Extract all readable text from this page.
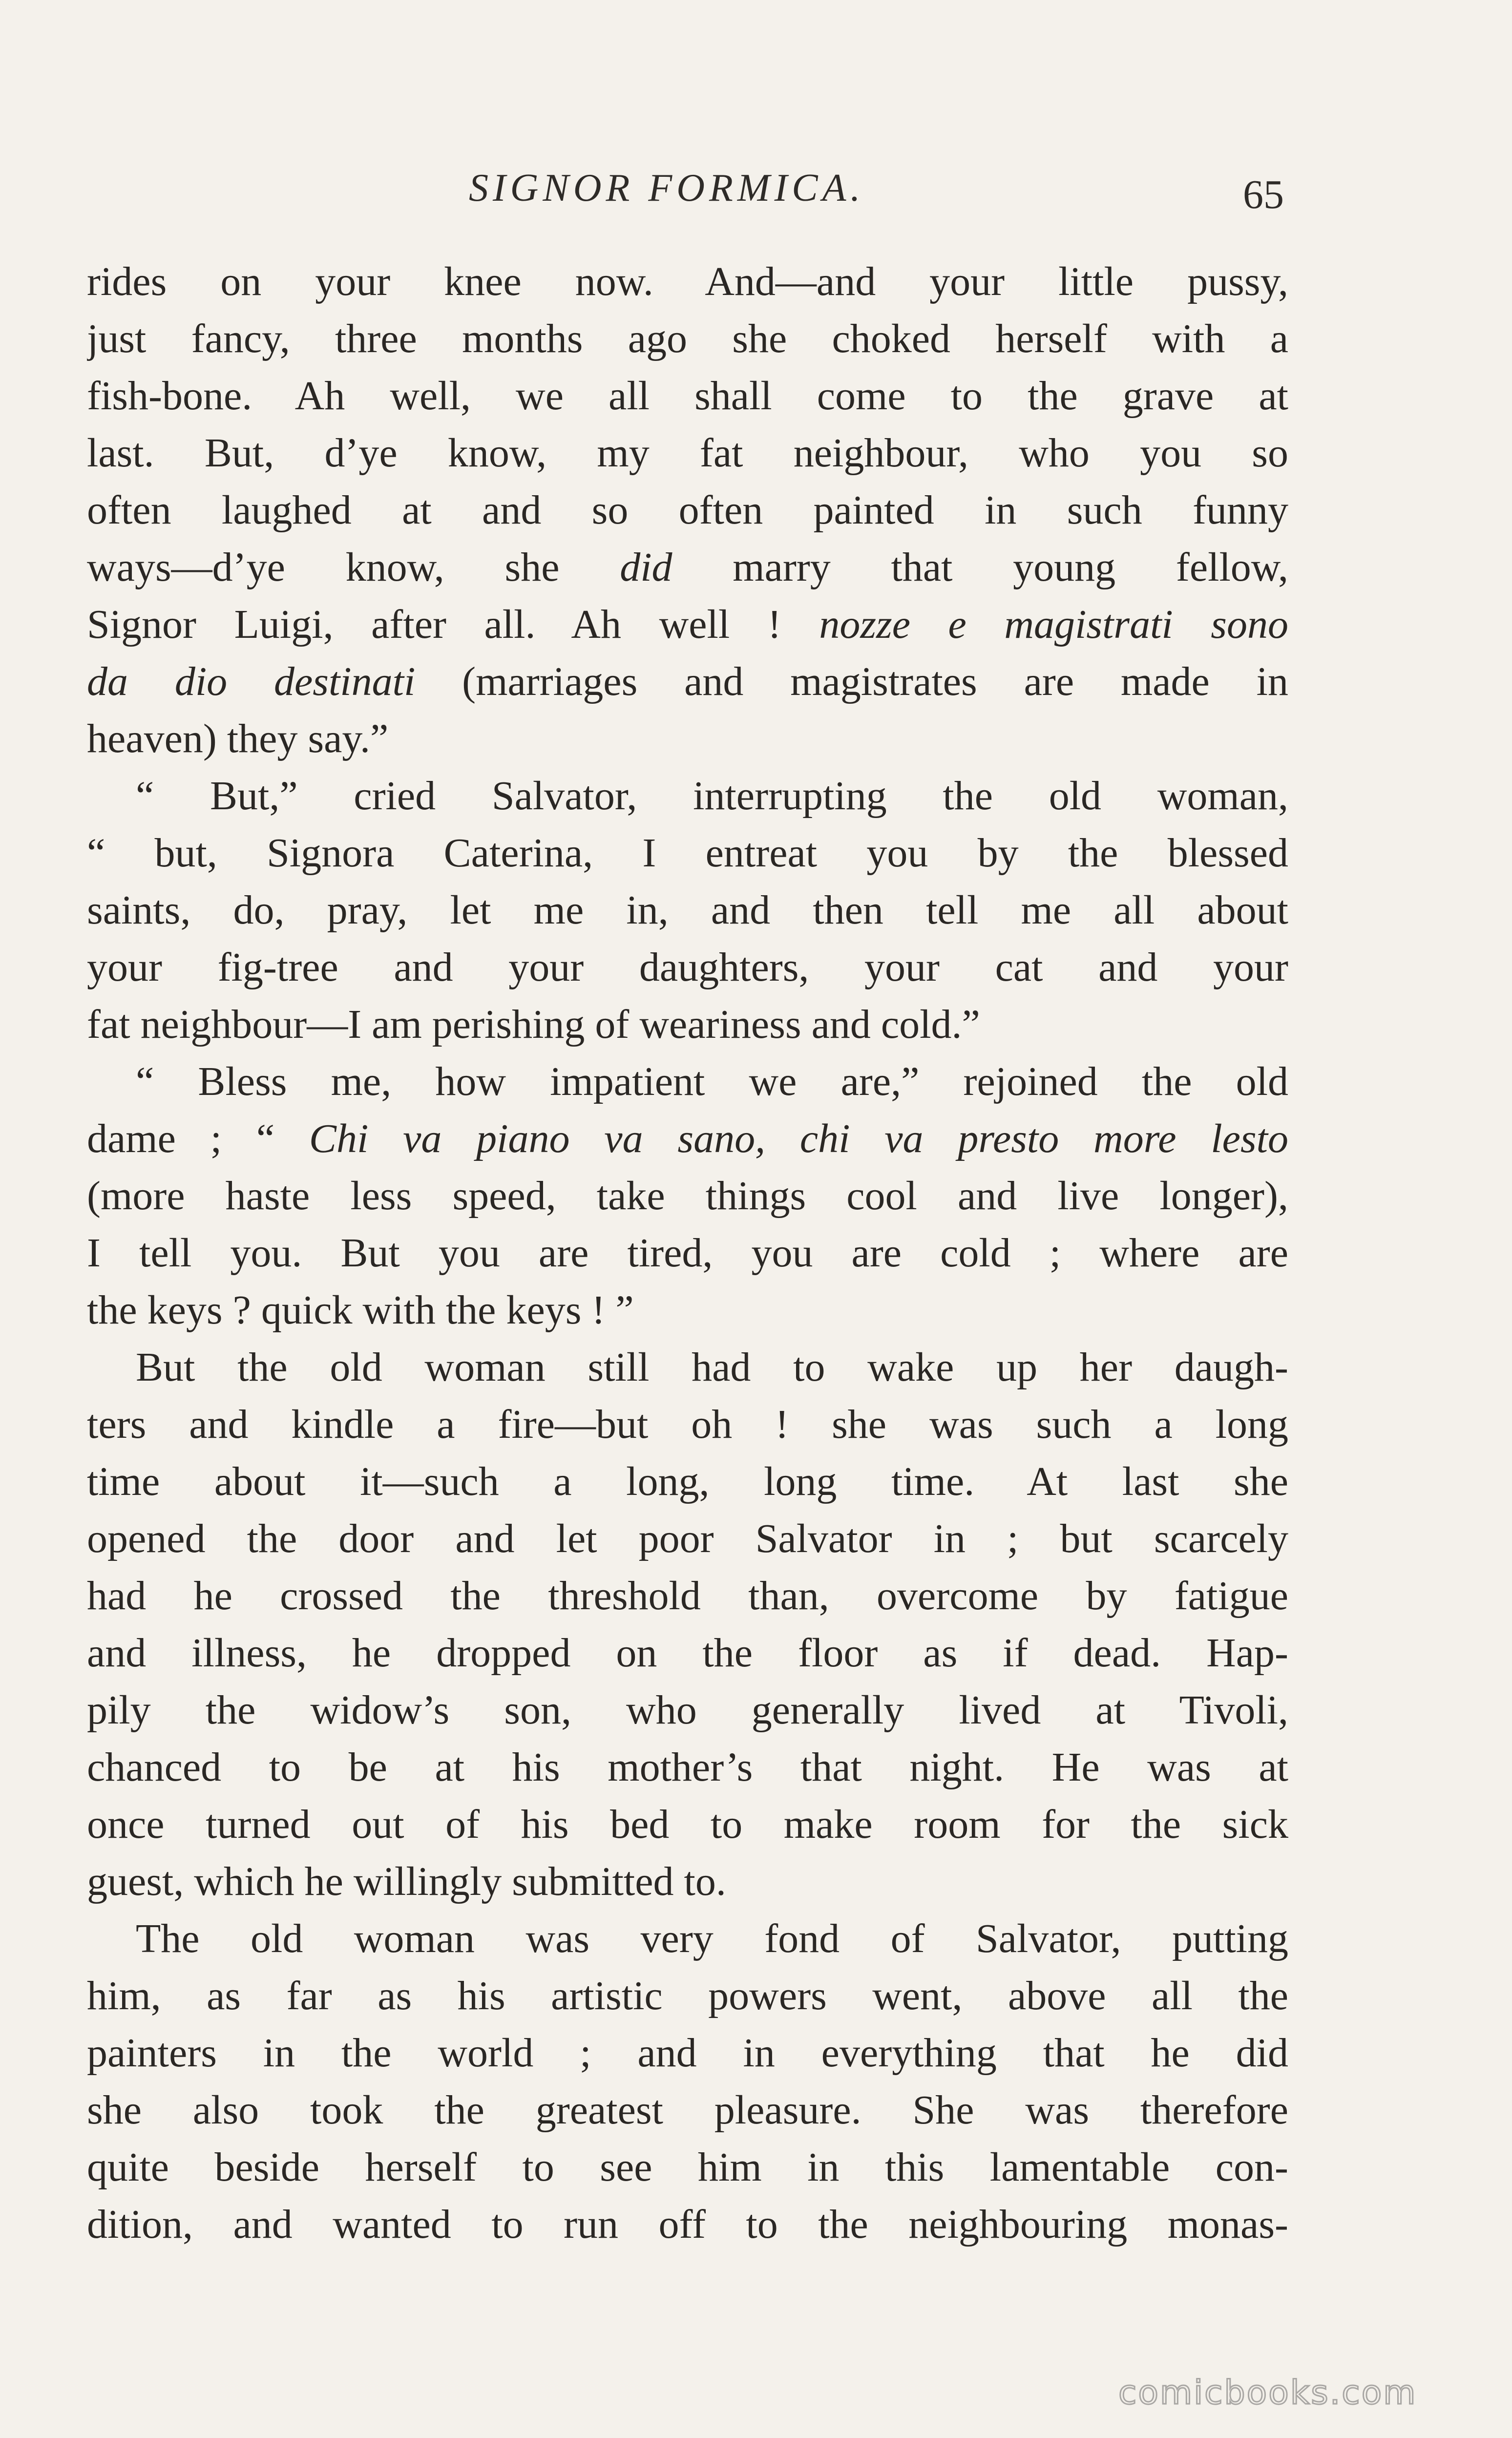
SIGNOR FORMICA.	65
rides on your knee now. And—and your little pussy,
just fancy, three months ago she choked herself with a
fish-bone. Ah well, we all shall come to the grave at
last. But, d’ye know, my fat neighbour, who you so
often laughed at and so often painted in such funny
ways—d’ye know, she did marry that young fellow,
Signor Luigi, after all. Ah well ! nozze e magistrati sono
da dio destinati (marriages and magistrates are made in
heaven) they say.”
“ But,” cried Salvator, interrupting the old woman,
“ but, Signora Caterina, I entreat you by the blessed
saints, do, pray, let me in, and then tell me all about
your fig-tree and your daughters, your cat and your
fat neighbour—I am perishing of weariness and cold.”
“ Bless me, how impatient we are,” rejoined the old
dame ; “ Chi va piano va sano, chi va presto more lesto
(more haste less speed, take things cool and live longer),
I tell you. But you are tired, you are cold ; where are
the keys ? quick with the keys ! ”
But the old woman still had to wake up her daugh-
ters and kindle a fire—but oh ! she was such a long
time about it—such a long, long time. At last she
opened the door and let poor Salvator in ; but scarcely
had he crossed the threshold than, overcome by fatigue
and illness, he dropped on the floor as if dead. Hap-
pily the widow’s son, who generally lived at Tivoli,
chanced to be at his mother’s that night. He was at
once turned out of his bed to make room for the sick
guest, which he willingly submitted to.
The old woman was very fond of Salvator, putting
him, as far as his artistic powers went, above all the
painters in the world ; and in everything that he did
she also took the greatest pleasure. She was therefore
quite beside herself to see him in this lamentable con-
dition, and wanted to run off to the neighbouring monas-
comicbooks.com
